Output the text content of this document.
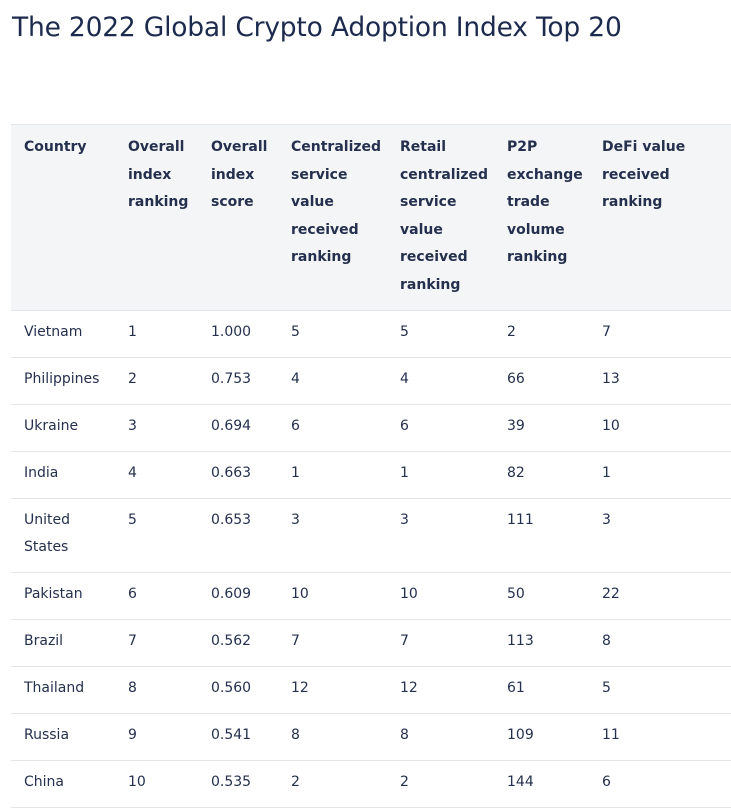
The 2022 Global Crypto Adoption Index Top 20
Country	Overall index ranking	Overall index score	Centralized service value received ranking	Retail centralized service value received ranking	P2P exchange trade volume ranking	DeFi value received ranking
Vietnam	1	1.000	5	5	2	7
Philippines	2	0.753	4	4	66	13
Ukraine	3	0.694	6	6	39	10
India	4	0.663	1	1	82	1
United States	5	0.653	3	3	111	3
Pakistan	6	0.609	10	10	50	22
Brazil	7	0.562	7	7	113	8
Thailand	8	0.560	12	12	61	5
Russia	9	0.541	8	8	109	11
China	10	0.535	2	2	144	6
